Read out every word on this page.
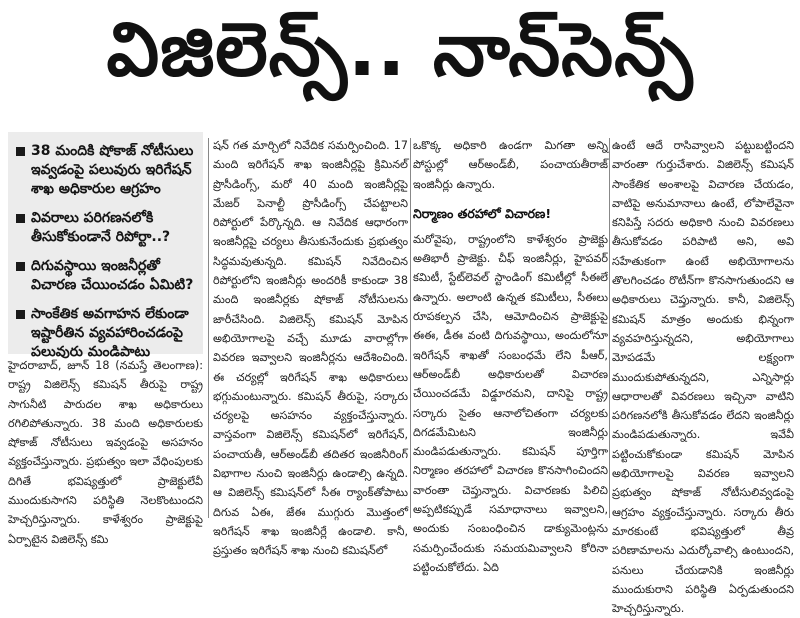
విజిలెన్స్.. నాన్‌సెన్స్
38 మందికి షోకాజ్ నోటీసులు ఇవ్వడంపై పలువురు ఇరిగేషన్ శాఖ అధికారుల ఆగ్రహం
వివరాలు పరిగణనలోకి తీసుకోకుండానే రిపోర్టా..?
దిగువస్థాయి ఇంజనీర్లతో విచారణ చేయించడం ఏమిటి?
సాంకేతిక అవగాహన లేకుండా ఇష్టారీతిన వ్యవహారించడంపై పలువురు మండిపాటు

హైదరాబాద్, జూన్ 18 (నమస్తే తెలంగాణ): రాష్ట్ర విజిలెన్స్ కమిషన్ తీరుపై రాష్ట్ర సాగునీటి పారుదల శాఖ అధికారులు రగిలిపోతున్నారు. 38 మంది అధికారులకు షోకాజ్ నోటీసులు ఇవ్వడంపై అసహనం వ్యక్తంచేస్తున్నారు. ప్రభుత్వం ఇలా వేధింపులకు దిగితే భవిష్యత్తులో ప్రాజెక్టులేవీ ముందుకుసాగని పరిస్థితి నెలకొంటుందని హెచ్చరిస్తున్నారు. కాళేశ్వరం ప్రాజెక్టుపై ఏర్పాటైన విజిలెన్స్ కమి

షన్ గత మార్చిలో నివేదిక సమర్పించింది. 17 మంది ఇరిగేషన్ శాఖ ఇంజినీర్లపై క్రిమినల్ ప్రొసీడింగ్స్, మరో 40 మంది ఇంజినీర్లపై మేజర్ పెనాల్టీ ప్రొసీడింగ్స్ చేపట్టాలని రిపోర్టులో పేర్కొన్నది. ఆ నివేదిక ఆధారంగా ఇంజినీర్లపై చర్యలు తీసుకునేందుకు ప్రభుత్వం సిద్ధమవుతున్నది. కమిషన్ నివేదించిన రిపోర్టులోని ఇంజినీర్లు అందరికీ కాకుండా 38 మంది ఇంజినీర్లకు షోకాజ్ నోటీసులను జారీచేసింది. విజిలెన్స్ కమిషన్ మోపిన అభియోగాలపై వచ్చే మూడు వారాల్లోగా వివరణ ఇవ్వాలని ఇంజినీర్లను ఆదేశించింది. ఈ చర్యల్లో ఇరిగేషన్ శాఖ అధికారులు భగ్గుమంటున్నారు. కమిషన్ తీరుపై, సర్కారు చర్యలపై అసహనం వ్యక్తంచేస్తున్నారు. వాస్తవంగా విజిలెన్స్ కమిషన్‌లో ఇరిగేషన్, పంచాయతీ, ఆర్‌అండ్‌బీ తదితర ఇంజినీరింగ్ విభాగాల నుంచి ఇంజినీర్లు ఉండాల్సి ఉన్నది. ఆ విజిలెన్స్ కమిషన్‌లో సీఈ ర్యాంక్‌తోపాటు దిగువ ఏఈ, జేఈ ముగ్గురు మొత్తంలో ఇరిగేషన్ శాఖ ఇంజినీర్లే ఉండాలి. కానీ, ప్రస్తుతం ఇరిగేషన్ శాఖ నుంచి కమిషన్‌లో

ఒకొక్క అధికారి ఉండగా మిగతా అన్ని పోస్టుల్లో ఆర్‌అండ్‌బీ, పంచాయతీరాజ్ ఇంజినీర్లు ఉన్నారు.

నిర్మాణం తరహాలో విచారణ!

మరోవైపు, రాష్ట్రంలోని కాళేశ్వరం ప్రాజెక్టు అతిభారీ ప్రాజెక్టు. చీఫ్ ఇంజినీర్లు, హైపవర్ కమిటీ, స్టేట్‌లెవల్ స్టాండింగ్ కమిటీల్లో సీఈలే ఉన్నారు. అలాంటి ఉన్నత కమిటీలు, సీఈలు రూపకల్పన చేసి, ఆమోదించిన ప్రాజెక్టుపై ఈఈ, డీఈ వంటి దిగువస్థాయి, అందులోనూ ఇరిగేషన్ శాఖతో సంబంధమే లేని పీఆర్, ఆర్‌అండ్‌బీ అధికారులతో విచారణ చేయించడమే విడ్డూరమని, దానిపై రాష్ట్ర సర్కారు సైతం ఆనాలోచితంగా చర్యలకు దిగడమేమిటని ఇంజినీర్లు మండిపడుతున్నారు. కమిషన్ పూర్తిగా నిర్మాణం తరహాలో విచారణ కొనసాగించిందని వారంతా చెప్తున్నారు. విచారణకు పిలిచి అప్పటికప్పుడే సమాధానాలు ఇవ్వాలని, అందుకు సంబంధించిన డాక్యుమెంట్లను సమర్పించేందుకు సమయమివ్వాలని కోరినా పట్టించుకోలేదు. ఏది

ఉంటే ఆదే రాసివ్వాలని పట్టుబట్టిందని వారంతా గుర్తుచేశారు. విజిలెన్స్ కమిషన్ సాంకేతిక అంశాలపై విచారణ చేయడం, వాటిపై అనుమానాలు ఉంటే, లోపాలేవైనా కనిపిస్తే సదరు అధికారి నుంచి వివరణలు తీసుకోవడం పరిపాటి అని, అవి సహేతుకంగా ఉంటే అభియోగాలను తొలగించడం రొటీన్‌గా కొనసాగుతుందని ఆ అధికారులు చెప్తున్నారు. కానీ, విజిలెన్స్ కమిషన్ మాత్రం అందుకు భిన్నంగా వ్యవహరిస్తున్నదని, అభియోగాలు మోపడమే లక్ష్యంగా ముందుకుపోతున్నదని, ఎన్నిసార్లు ఆధారాలతో వివరణలు ఇచ్చినా వాటిని పరిగణనలోకి తీసుకోవడం లేదని ఇంజినీర్లు మండిపడుతున్నారు. ఇవేవీ పట్టించుకోకుండా కమిషన్ మోపిన అభియోగాలపై వివరణ ఇవ్వాలని ప్రభుత్వం షోకాజ్ నోటీసులివ్వడంపై ఆగ్రహం వ్యక్తంచేస్తున్నారు. సర్కారు తీరు మారకుంటే భవిష్యత్తులో తీవ్ర పరిణామాలను ఎదుర్కోవాల్సి ఉంటుందని, పనులు చేయడానికి ఇంజినీర్లు ముందుకురాని పరిస్థితి ఏర్పడుతుందని హెచ్చరిస్తున్నారు.
